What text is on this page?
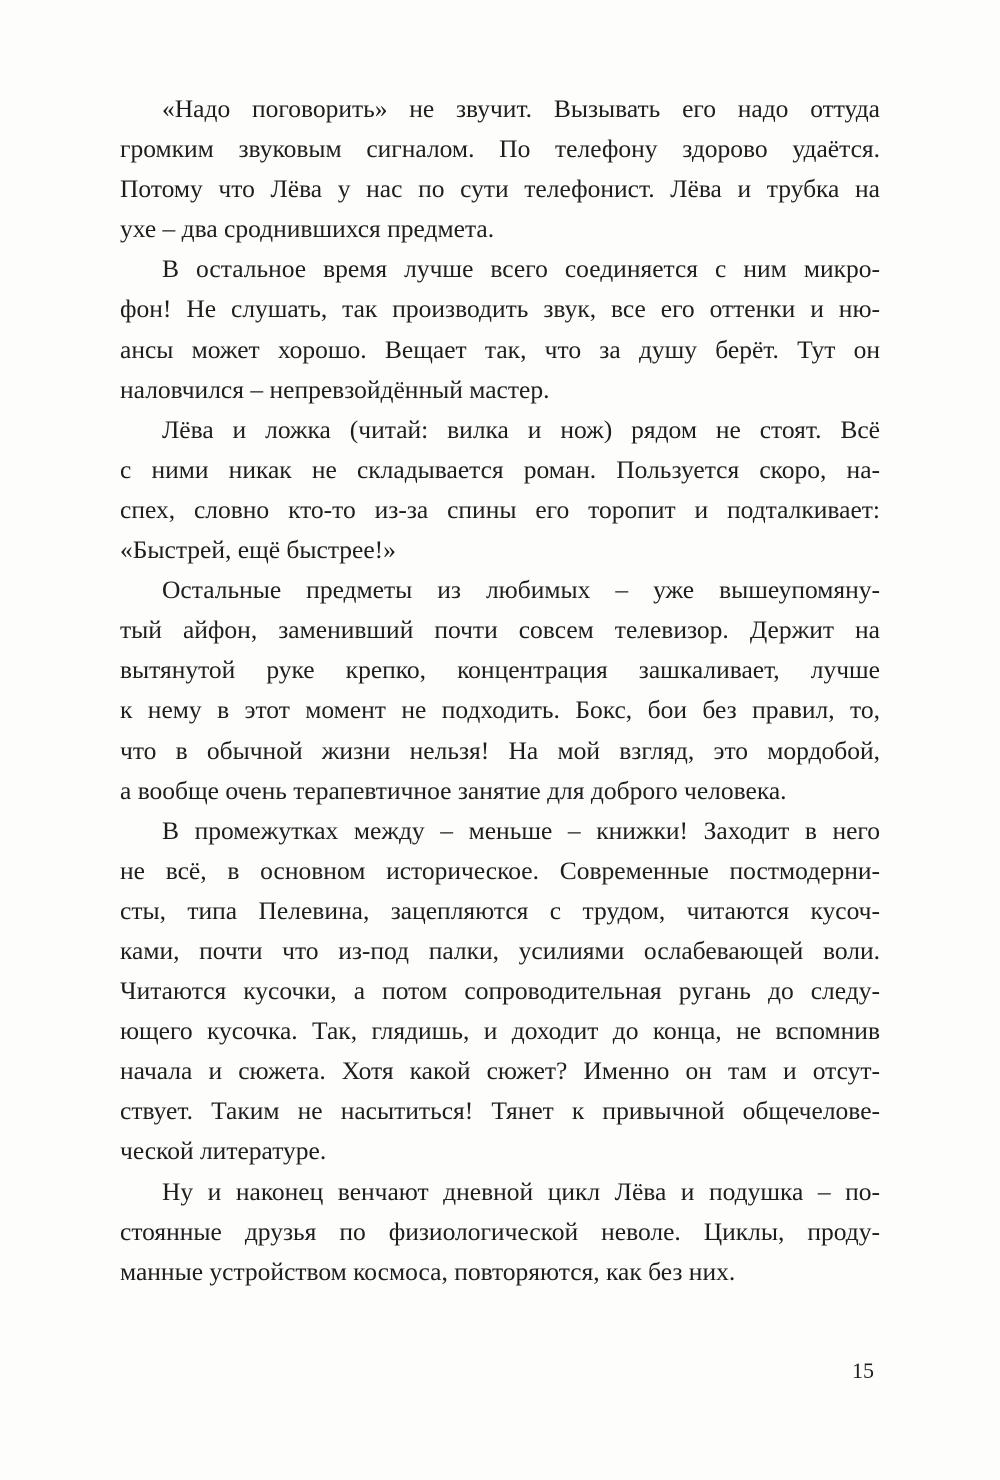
«Надо поговорить» не звучит. Вызывать его надо оттуда
громким звуковым сигналом. По телефону здорово удаётся.
Потому что Лёва у нас по сути телефонист. Лёва и трубка на
ухе – два сроднившихся предмета.
В остальное время лучше всего соединяется с ним микро-
фон! Не слушать, так производить звук, все его оттенки и ню-
ансы может хорошо. Вещает так, что за душу берёт. Тут он
наловчился – непревзойдённый мастер.
Лёва и ложка (читай: вилка и нож) рядом не стоят. Всё
с ними никак не складывается роман. Пользуется скоро, на-
спех, словно кто-то из-за спины его торопит и подталкивает:
«Быстрей, ещё быстрее!»
Остальные предметы из любимых – уже вышеупомяну-
тый айфон, заменивший почти совсем телевизор. Держит на
вытянутой руке крепко, концентрация зашкаливает, лучше
к нему в этот момент не подходить. Бокс, бои без правил, то,
что в обычной жизни нельзя! На мой взгляд, это мордобой,
а вообще очень терапевтичное занятие для доброго человека.
В промежутках между – меньше – книжки! Заходит в него
не всё, в основном историческое. Современные постмодерни-
сты, типа Пелевина, зацепляются с трудом, читаются кусоч-
ками, почти что из-под палки, усилиями ослабевающей воли.
Читаются кусочки, а потом сопроводительная ругань до следу-
ющего кусочка. Так, глядишь, и доходит до конца, не вспомнив
начала и сюжета. Хотя какой сюжет? Именно он там и отсут-
ствует. Таким не насытиться! Тянет к привычной общечелове-
ческой литературе.
Ну и наконец венчают дневной цикл Лёва и подушка – по-
стоянные друзья по физиологической неволе. Циклы, проду-
манные устройством космоса, повторяются, как без них.
15
